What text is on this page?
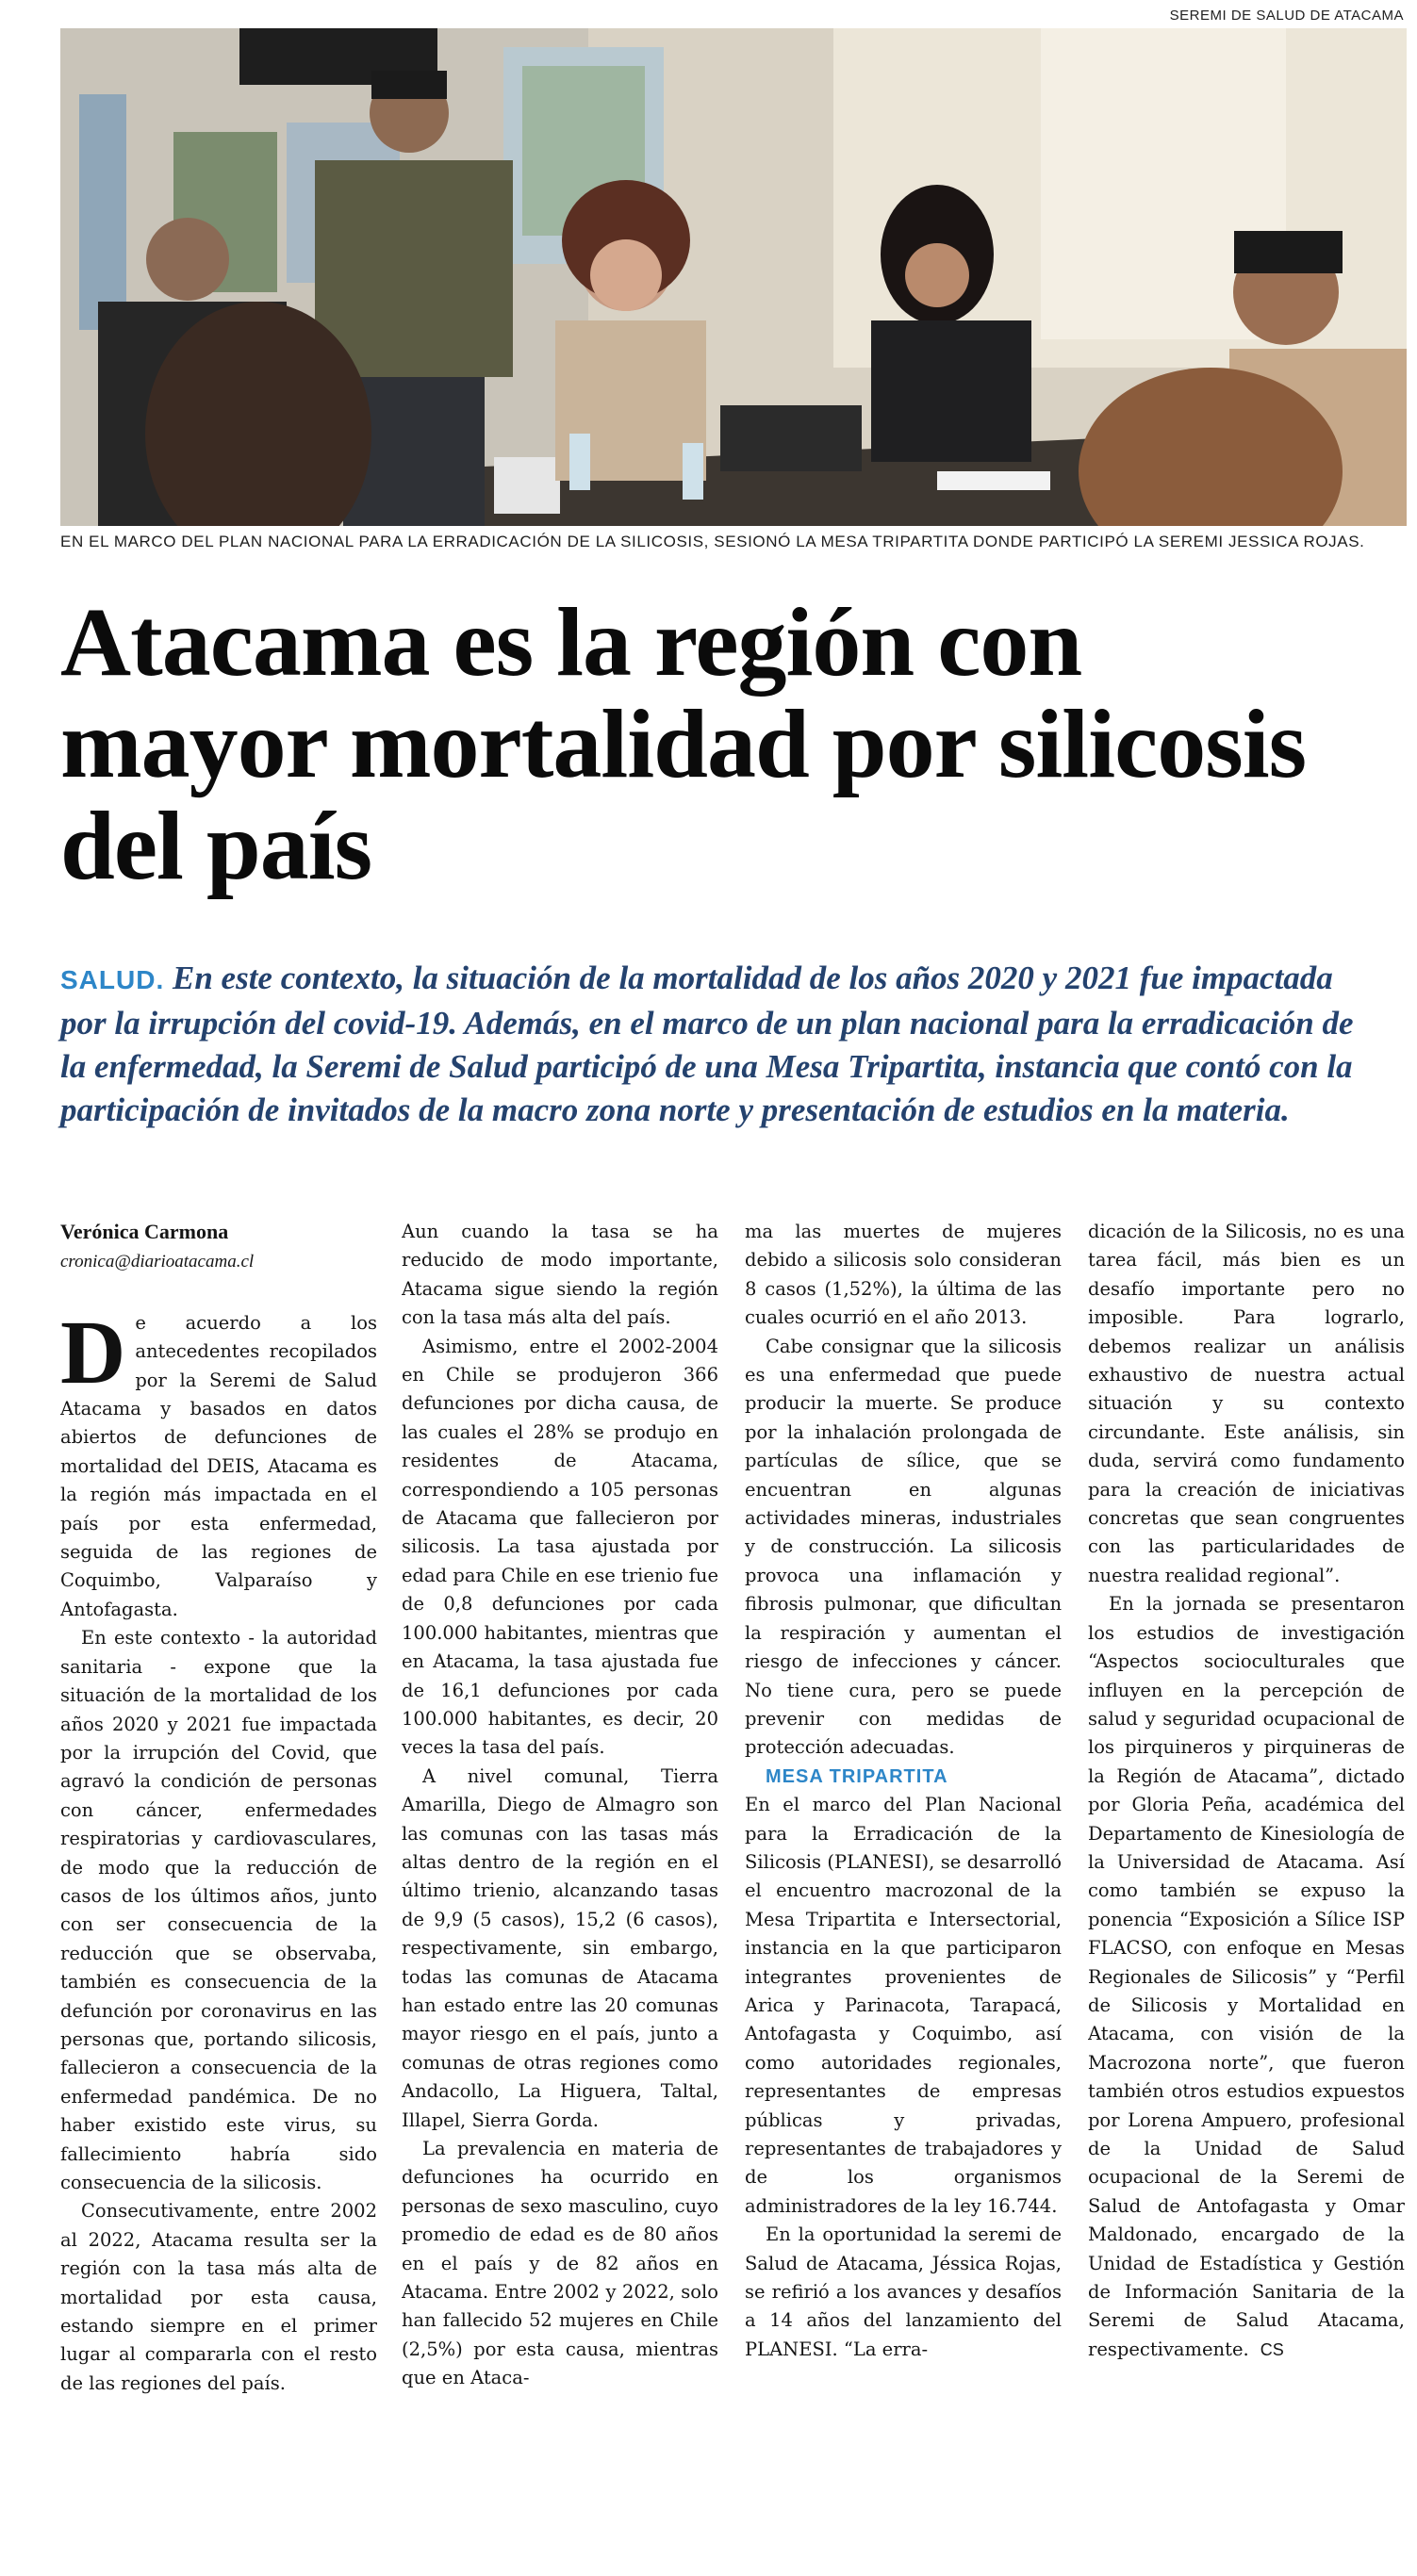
SEREMI DE SALUD DE ATACAMA
EN EL MARCO DEL PLAN NACIONAL PARA LA ERRADICACIÓN DE LA SILICOSIS, SESIONÓ LA MESA TRIPARTITA DONDE PARTICIPÓ LA SEREMI JESSICA ROJAS.
Atacama es la región con mayor mortalidad por silicosis del país

SALUD. En este contexto, la situación de la mortalidad de los años 2020 y 2021 fue impactada por la irrupción del covid-19. Además, en el marco de un plan nacional para la erradicación de la enfermedad, la Seremi de Salud participó de una Mesa Tripartita, instancia que contó con la participación de invitados de la macro zona norte y presentación de estudios en la materia.

Verónica Carmona
cronica@diarioatacama.cl

De acuerdo a los antecedentes recopilados por la Seremi de Salud Atacama y basados en datos abiertos de defunciones de mortalidad del DEIS, Atacama es la región más impactada en el país por esta enfermedad, seguida de las regiones de Coquimbo, Valparaíso y Antofagasta.

En este contexto - la autoridad sanitaria - expone que la situación de la mortalidad de los años 2020 y 2021 fue impactada por la irrupción del Covid, que agravó la condición de personas con cáncer, enfermedades respiratorias y cardiovasculares, de modo que la reducción de casos de los últimos años, junto con ser consecuencia de la reducción que se observaba, también es consecuencia de la defunción por coronavirus en las personas que, portando silicosis, fallecieron a consecuencia de la enfermedad pandémica. De no haber existido este virus, su fallecimiento habría sido consecuencia de la silicosis.

Consecutivamente, entre 2002 al 2022, Atacama resulta ser la región con la tasa más alta de mortalidad por esta causa, estando siempre en el primer lugar al compararla con el resto de las regiones del país.

Aun cuando la tasa se ha reducido de modo importante, Atacama sigue siendo la región con la tasa más alta del país.

Asimismo, entre el 2002-2004 en Chile se produjeron 366 defunciones por dicha causa, de las cuales el 28% se produjo en residentes de Atacama, correspondiendo a 105 personas de Atacama que fallecieron por silicosis. La tasa ajustada por edad para Chile en ese trienio fue de 0,8 defunciones por cada 100.000 habitantes, mientras que en Atacama, la tasa ajustada fue de 16,1 defunciones por cada 100.000 habitantes, es decir, 20 veces la tasa del país.

A nivel comunal, Tierra Amarilla, Diego de Almagro son las comunas con las tasas más altas dentro de la región en el último trienio, alcanzando tasas de 9,9 (5 casos), 15,2 (6 casos), respectivamente, sin embargo, todas las comunas de Atacama han estado entre las 20 comunas mayor riesgo en el país, junto a comunas de otras regiones como Andacollo, La Higuera, Taltal, Illapel, Sierra Gorda.

La prevalencia en materia de defunciones ha ocurrido en personas de sexo masculino, cuyo promedio de edad es de 80 años en el país y de 82 años en Atacama. Entre 2002 y 2022, solo han fallecido 52 mujeres en Chile (2,5%) por esta causa, mientras que en Ataca-

ma las muertes de mujeres debido a silicosis solo consideran 8 casos (1,52%), la última de las cuales ocurrió en el año 2013.

Cabe consignar que la silicosis es una enfermedad que puede producir la muerte. Se produce por la inhalación prolongada de partículas de sílice, que se encuentran en algunas actividades mineras, industriales y de construcción. La silicosis provoca una inflamación y fibrosis pulmonar, que dificultan la respiración y aumentan el riesgo de infecciones y cáncer. No tiene cura, pero se puede prevenir con medidas de protección adecuadas.

MESA TRIPARTITA

En el marco del Plan Nacional para la Erradicación de la Silicosis (PLANESI), se desarrolló el encuentro macrozonal de la Mesa Tripartita e Intersectorial, instancia en la que participaron integrantes provenientes de Arica y Parinacota, Tarapacá, Antofagasta y Coquimbo, así como autoridades regionales, representantes de empresas públicas y privadas, representantes de trabajadores y de los organismos administradores de la ley 16.744.

En la oportunidad la seremi de Salud de Atacama, Jéssica Rojas, se refirió a los avances y desafíos a 14 años del lanzamiento del PLANESI. “La erra-

dicación de la Silicosis, no es una tarea fácil, más bien es un desafío importante pero no imposible. Para lograrlo, debemos realizar un análisis exhaustivo de nuestra actual situación y su contexto circundante. Este análisis, sin duda, servirá como fundamento para la creación de iniciativas concretas que sean congruentes con las particularidades de nuestra realidad regional”.

En la jornada se presentaron los estudios de investigación “Aspectos socioculturales que influyen en la percepción de salud y seguridad ocupacional de los pirquineros y pirquineras de la Región de Atacama”, dictado por Gloria Peña, académica del Departamento de Kinesiología de la Universidad de Atacama. Así como también se expuso la ponencia “Exposición a Sílice ISP FLACSO, con enfoque en Mesas Regionales de Silicosis” y “Perfil de Silicosis y Mortalidad en Atacama, con visión de la Macrozona norte”, que fueron también otros estudios expuestos por Lorena Ampuero, profesional de la Unidad de Salud ocupacional de la Seremi de Salud de Antofagasta y Omar Maldonado, encargado de la Unidad de Estadística y Gestión de Información Sanitaria de la Seremi de Salud Atacama, respectivamente. CS
